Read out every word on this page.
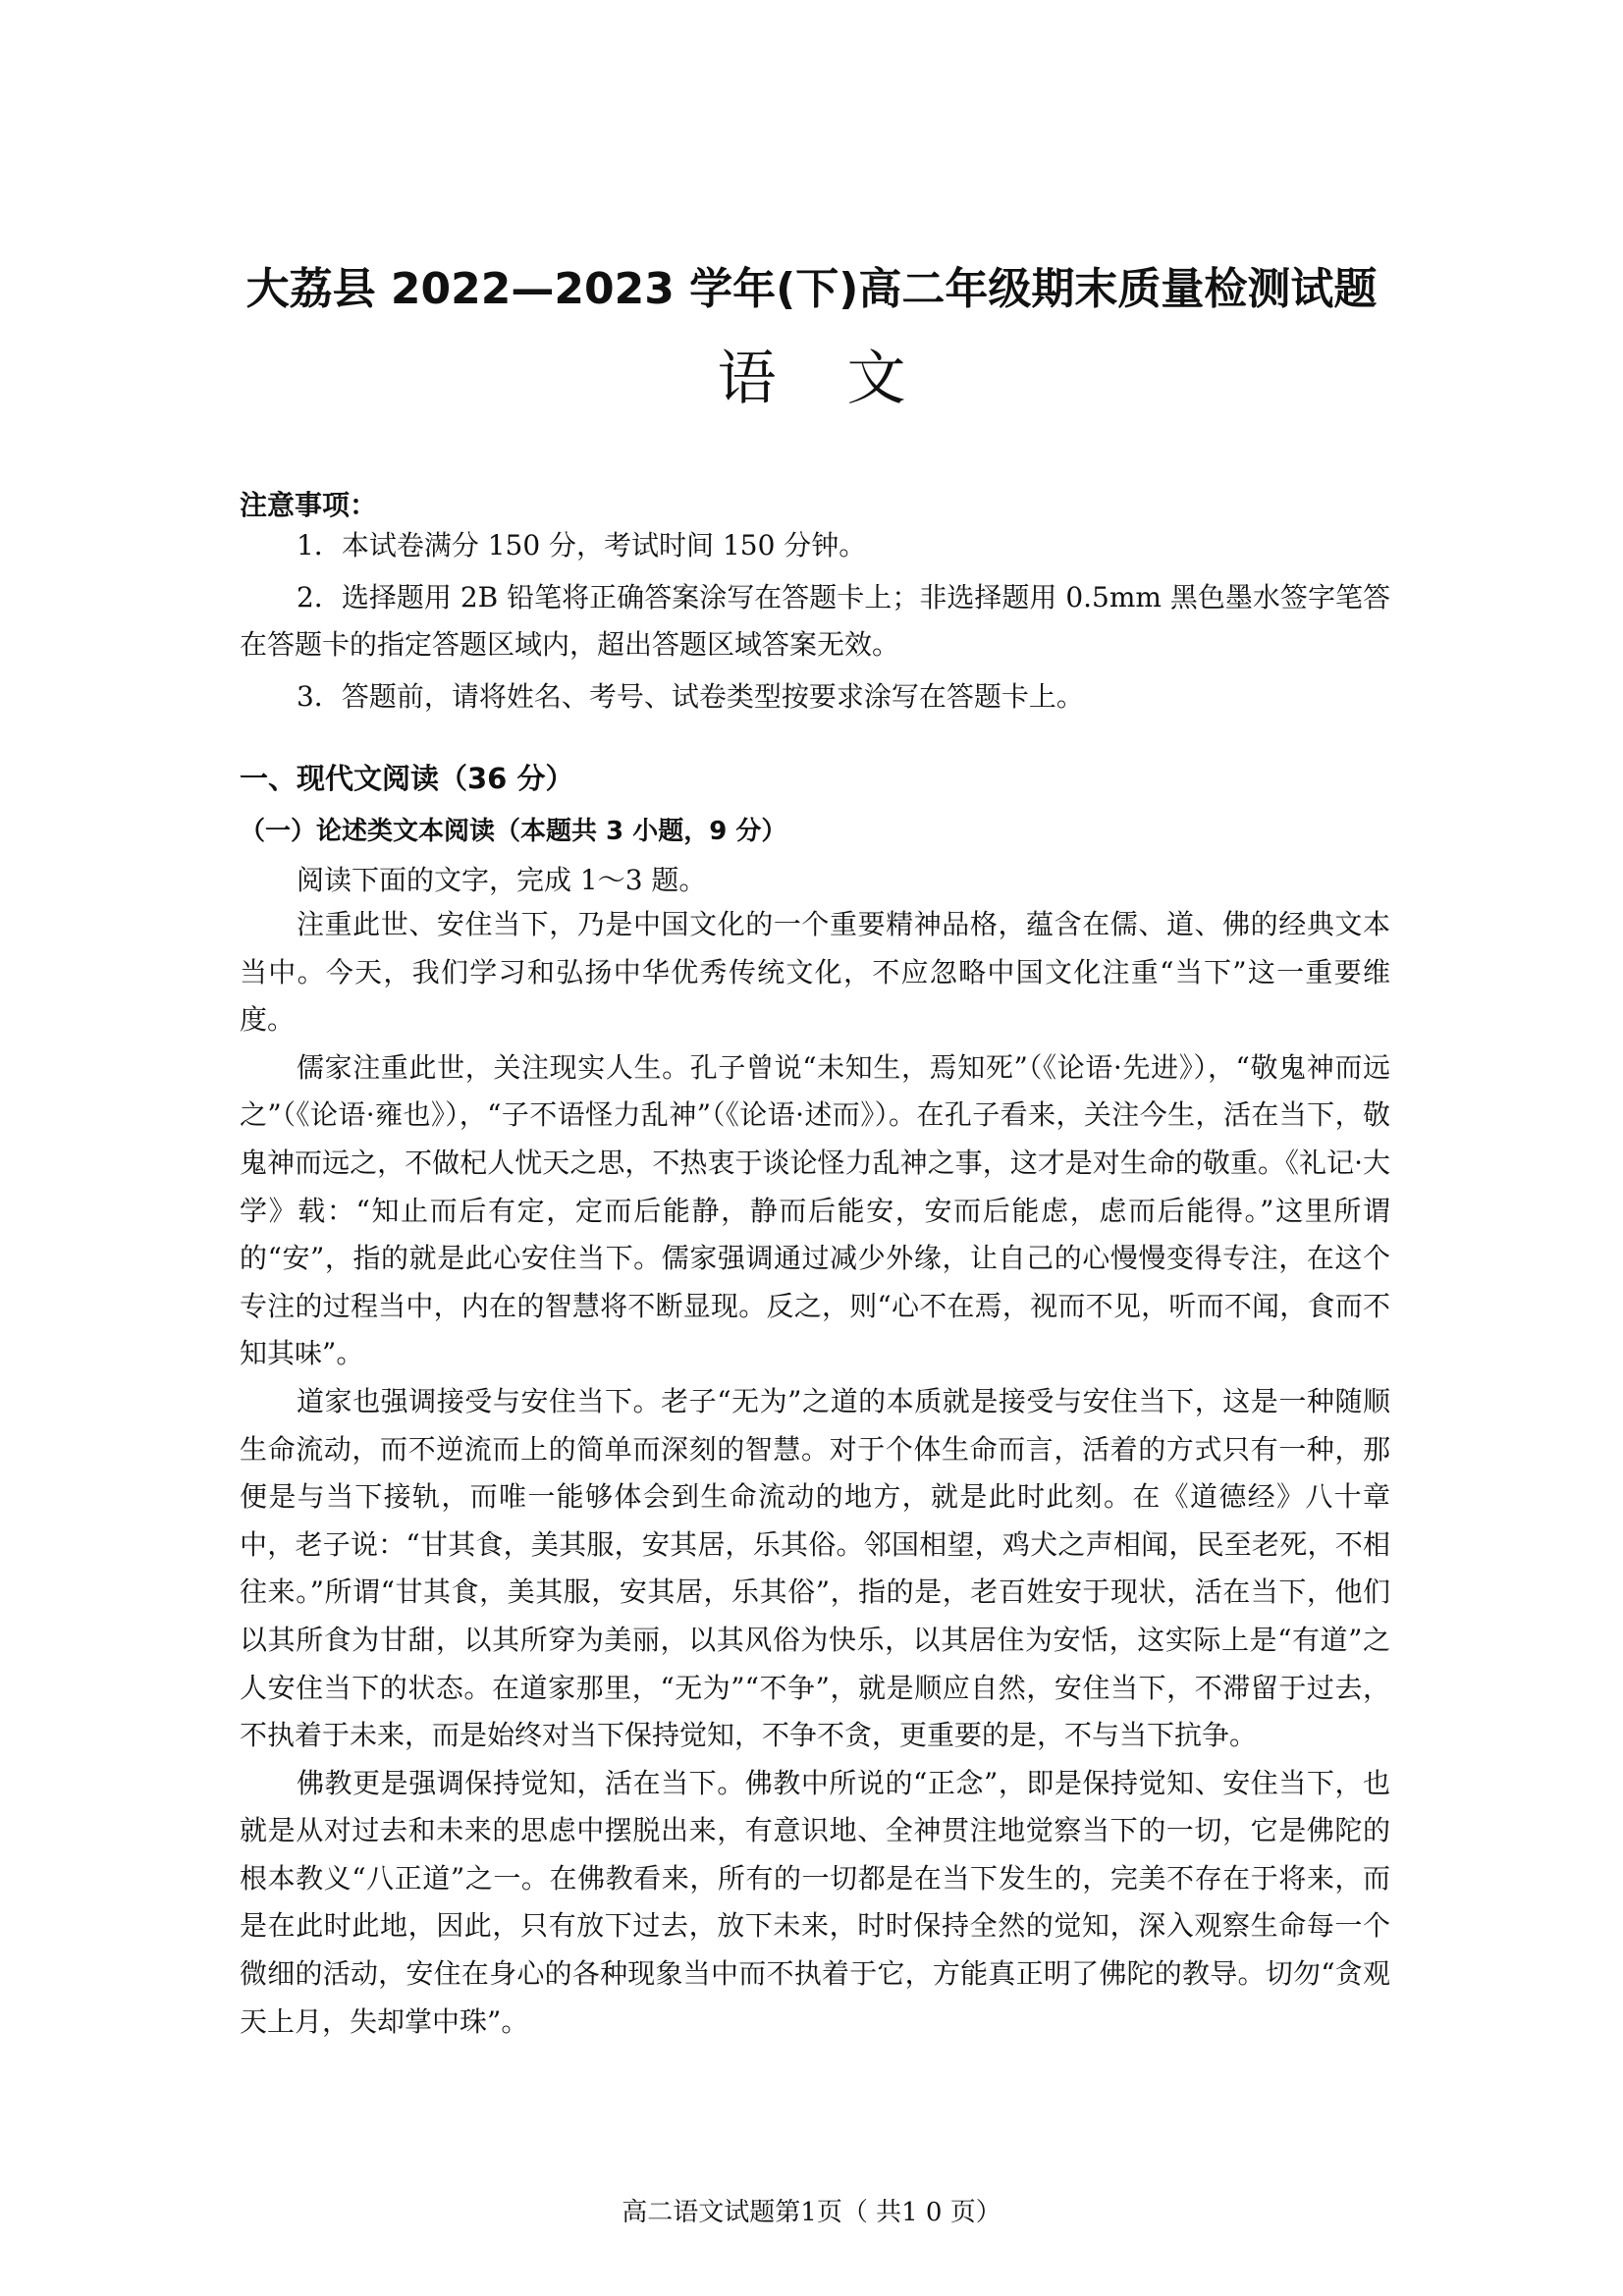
大荔县 2022—2023 学年(下)高二年级期末质量检测试题
语文
注意事项：

1．本试卷满分 150 分，考试时间 150 分钟。

2．选择题用 2B 铅笔将正确答案涂写在答题卡上；非选择题用 0.5mm 黑色墨水签字笔答在答题卡的指定答题区域内，超出答题区域答案无效。

3．答题前，请将姓名、考号、试卷类型按要求涂写在答题卡上。

一、现代文阅读（36 分）
（一）论述类文本阅读（本题共 3 小题，9 分）
阅读下面的文字，完成 1～3 题。

注重此世、安住当下，乃是中国文化的一个重要精神品格，蕴含在儒、道、佛的经典文本当中。今天，我们学习和弘扬中华优秀传统文化，不应忽略中国文化注重“当下”这一重要维度。

儒家注重此世，关注现实人生。孔子曾说“未知生，焉知死”（《论语·先进》），“敬鬼神而远之”（《论语·雍也》），“子不语怪力乱神”（《论语·述而》）。在孔子看来，关注今生，活在当下，敬鬼神而远之，不做杞人忧天之思，不热衷于谈论怪力乱神之事，这才是对生命的敬重。《礼记·大学》载：“知止而后有定，定而后能静，静而后能安，安而后能虑，虑而后能得。”这里所谓的“安”，指的就是此心安住当下。儒家强调通过减少外缘，让自己的心慢慢变得专注，在这个专注的过程当中，内在的智慧将不断显现。反之，则“心不在焉，视而不见，听而不闻，食而不知其味”。

道家也强调接受与安住当下。老子“无为”之道的本质就是接受与安住当下，这是一种随顺生命流动，而不逆流而上的简单而深刻的智慧。对于个体生命而言，活着的方式只有一种，那便是与当下接轨，而唯一能够体会到生命流动的地方，就是此时此刻。在《道德经》八十章中，老子说：“甘其食，美其服，安其居，乐其俗。邻国相望，鸡犬之声相闻，民至老死，不相往来。”所谓“甘其食，美其服，安其居，乐其俗”，指的是，老百姓安于现状，活在当下，他们以其所食为甘甜，以其所穿为美丽，以其风俗为快乐，以其居住为安恬，这实际上是“有道”之人安住当下的状态。在道家那里，“无为”“不争”，就是顺应自然，安住当下，不滞留于过去，不执着于未来，而是始终对当下保持觉知，不争不贪，更重要的是，不与当下抗争。

佛教更是强调保持觉知，活在当下。佛教中所说的“正念”，即是保持觉知、安住当下，也就是从对过去和未来的思虑中摆脱出来，有意识地、全神贯注地觉察当下的一切，它是佛陀的根本教义“八正道”之一。在佛教看来，所有的一切都是在当下发生的，完美不存在于将来，而是在此时此地，因此，只有放下过去，放下未来，时时保持全然的觉知，深入观察生命每一个微细的活动，安住在身心的各种现象当中而不执着于它，方能真正明了佛陀的教导。切勿“贪观天上月，失却掌中珠”。

高二语文试题第1页（ 共1 0 页）
